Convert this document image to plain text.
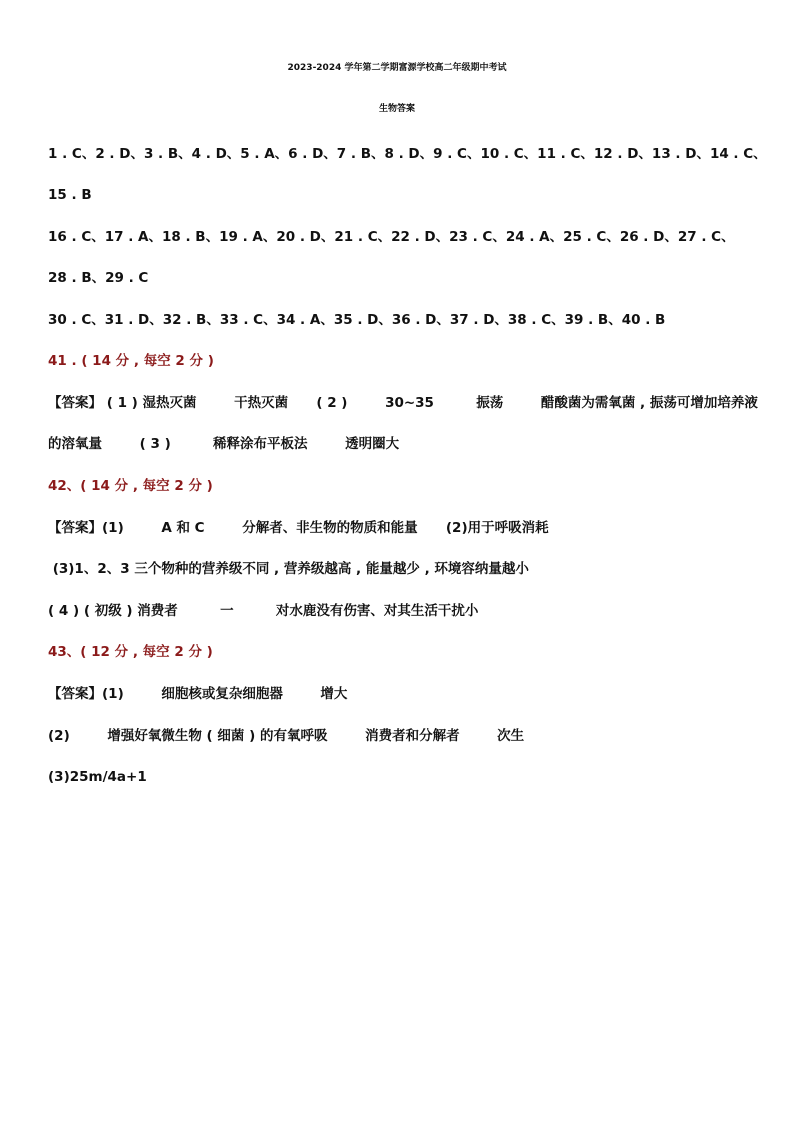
2023-2024 学年第二学期富源学校高二年级期中考试
生物答案
1 . C、2 . D、3 . B、4 . D、5 . A、6 . D、7 . B、8 . D、9 . C、10 . C、11 . C、12 . D、13 . D、14 . C、
15 . B
16 . C、17 . A、18 . B、19 . A、20 . D、21 . C、22 . D、23 . C、24 . A、25 . C、26 . D、27 . C、
28 . B、29 . C
30 . C、31 . D、32 . B、33 . C、34 . A、35 . D、36 . D、37 . D、38 . C、39 . B、40 . B
41 . ( 14 分 , 每空 2 分 )
【答案】 ( 1 ) 湿热灭菌        干热灭菌      ( 2 )        30~35         振荡        醋酸菌为需氧菌 , 振荡可增加培养液
的溶氧量        ( 3 )         稀释涂布平板法        透明圈大
42、( 14 分 , 每空 2 分 )
【答案】(1)        A 和 C        分解者、非生物的物质和能量      (2)用于呼吸消耗
(3)1、2、3 三个物种的营养级不同 , 营养级越高 , 能量越少 , 环境容纳量越小
( 4 ) ( 初级 ) 消费者         一         对水鹿没有伤害、对其生活干扰小
43、( 12 分 , 每空 2 分 )
【答案】(1)        细胞核或复杂细胞器        增大
(2)        增强好氧微生物 ( 细菌 ) 的有氧呼吸        消费者和分解者        次生
(3)25m/4a+1
